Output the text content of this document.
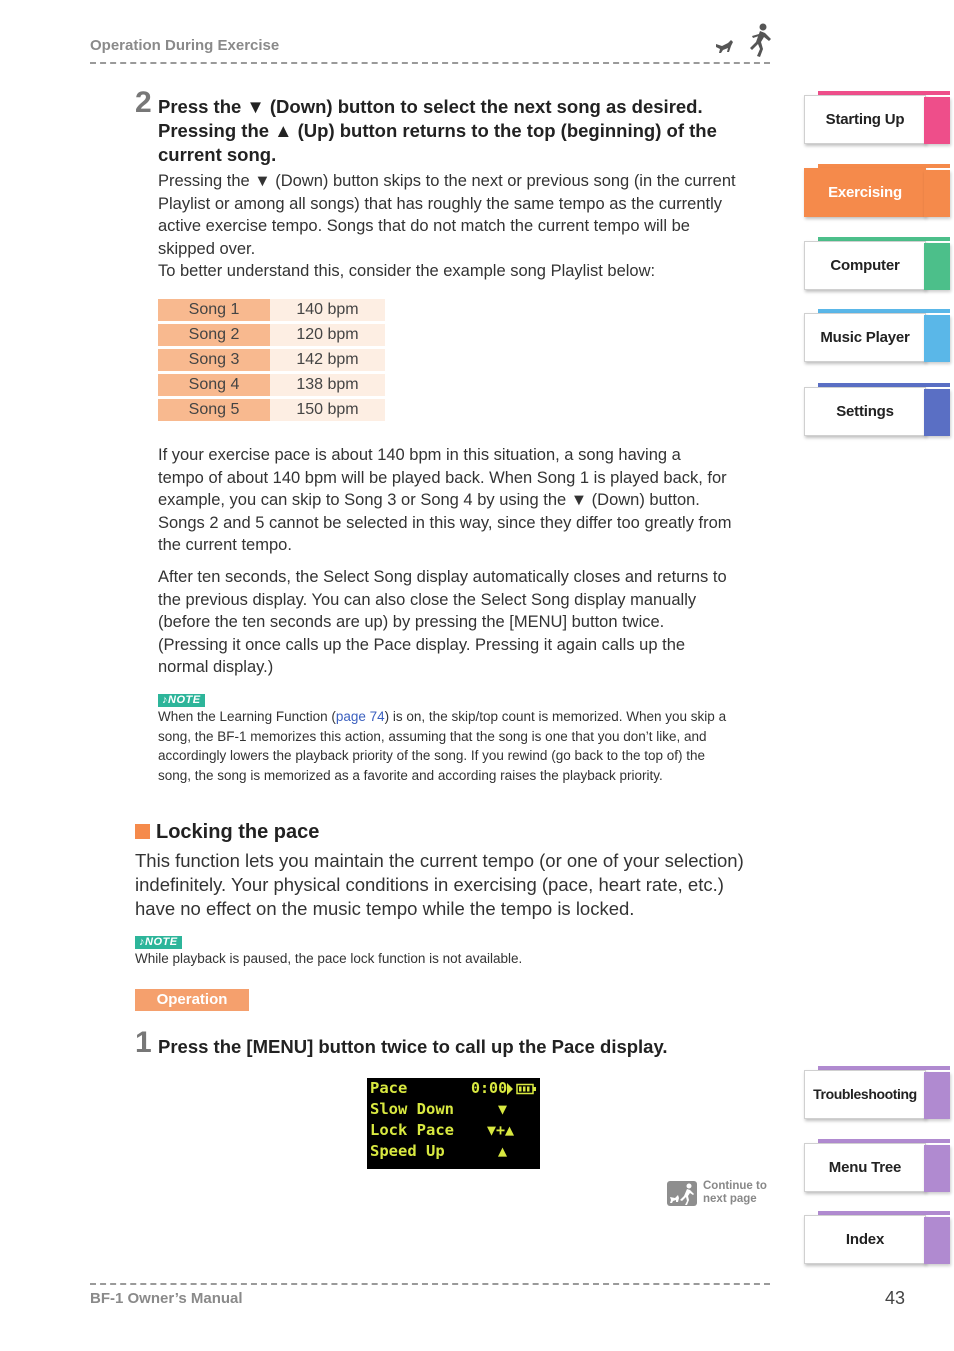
Operation During Exercise
2 Press the ▼ (Down) button to select the next song as desired.
Pressing the ▲ (Up) button returns to the top (beginning) of the
current song.
Pressing the ▼ (Down) button skips to the next or previous song (in the current
Playlist or among all songs) that has roughly the same tempo as the currently
active exercise tempo. Songs that do not match the current tempo will be
skipped over.
To better understand this, consider the example song Playlist below:
Song 1	140 bpm
Song 2	120 bpm
Song 3	142 bpm
Song 4	138 bpm
Song 5	150 bpm
If your exercise pace is about 140 bpm in this situation, a song having a
tempo of about 140 bpm will be played back. When Song 1 is played back, for
example, you can skip to Song 3 or Song 4 by using the ▼ (Down) button.
Songs 2 and 5 cannot be selected in this way, since they differ too greatly from
the current tempo.
After ten seconds, the Select Song display automatically closes and returns to
the previous display. You can also close the Select Song display manually
(before the ten seconds are up) by pressing the [MENU] button twice.
(Pressing it once calls up the Pace display. Pressing it again calls up the
normal display.)
♪NOTE
When the Learning Function (page 74) is on, the skip/top count is memorized. When you skip a
song, the BF-1 memorizes this action, assuming that the song is one that you don’t like, and
accordingly lowers the playback priority of the song. If you rewind (go back to the top of) the
song, the song is memorized as a favorite and according raises the playback priority.
Locking the pace
This function lets you maintain the current tempo (or one of your selection)
indefinitely. Your physical conditions in exercising (pace, heart rate, etc.)
have no effect on the music tempo while the tempo is locked.
♪NOTE
While playback is paused, the pace lock function is not available.
Operation
1 Press the [MENU] button twice to call up the Pace display.
Pace	0:00
Slow Down	▼
Lock Pace ▼+▲
Speed Up	▲
Continue to
next page
Starting Up
Exercising
Computer
Music Player
Settings
Troubleshooting
Menu Tree
Index
BF-1 Owner’s Manual	43
